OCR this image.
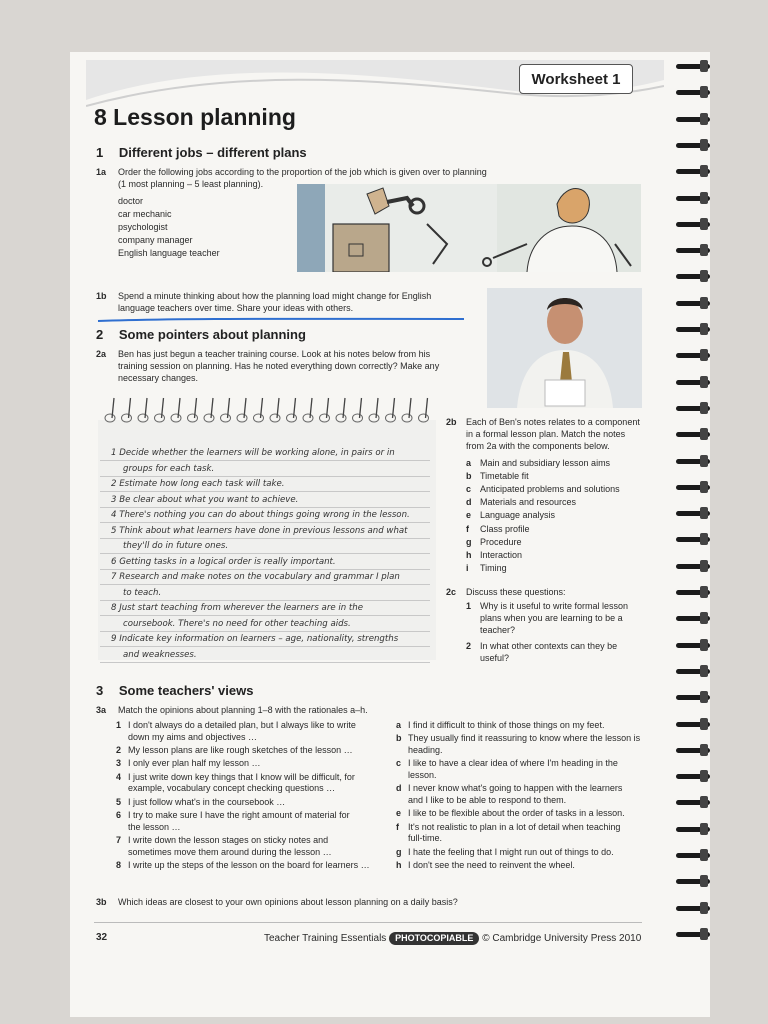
Worksheet 1
8 Lesson planning
1 Different jobs – different plans
1a Order the following jobs according to the proportion of the job which is given over to planning
(1 most planning – 5 least planning).
doctor
car mechanic
psychologist
company manager
English language teacher
1b Spend a minute thinking about how the planning load might change for English
language teachers over time. Share your ideas with others.
2 Some pointers about planning
2a Ben has just begun a teacher training course. Look at his notes below from his
training session on planning. Has he noted everything down correctly? Make any
necessary changes.
1 Decide whether the learners will be working alone, in pairs or in
groups for each task.
2 Estimate how long each task will take.
3 Be clear about what you want to achieve.
4 There's nothing you can do about things going wrong in the lesson.
5 Think about what learners have done in previous lessons and what
they'll do in future ones.
6 Getting tasks in a logical order is really important.
7 Research and make notes on the vocabulary and grammar I plan
to teach.
8 Just start teaching from wherever the learners are in the
coursebook. There's no need for other teaching aids.
9 Indicate key information on learners – age, nationality, strengths
and weaknesses.
2b Each of Ben's notes relates to a component
in a formal lesson plan. Match the notes
from 2a with the components below.
a Main and subsidiary lesson aims
b Timetable fit
c Anticipated problems and solutions
d Materials and resources
e Language analysis
f Class profile
g Procedure
h Interaction
i Timing
2c Discuss these questions:
1 Why is it useful to write formal lesson
plans when you are learning to be a
teacher?
2 In what other contexts can they be
useful?
3 Some teachers' views
3a Match the opinions about planning 1–8 with the rationales a–h.
1 I don't always do a detailed plan, but I always like to write
down my aims and objectives …
2 My lesson plans are like rough sketches of the lesson …
3 I only ever plan half my lesson …
4 I just write down key things that I know will be difficult, for
example, vocabulary concept checking questions …
5 I just follow what's in the coursebook …
6 I try to make sure I have the right amount of material for
the lesson …
7 I write down the lesson stages on sticky notes and
sometimes move them around during the lesson …
8 I write up the steps of the lesson on the board for learners …
a I find it difficult to think of those things on my feet.
b They usually find it reassuring to know where the lesson is
heading.
c I like to have a clear idea of where I'm heading in the
lesson.
d I never know what's going to happen with the learners
and I like to be able to respond to them.
e I like to be flexible about the order of tasks in a lesson.
f It's not realistic to plan in a lot of detail when teaching
full-time.
g I hate the feeling that I might run out of things to do.
h I don't see the need to reinvent the wheel.
3b Which ideas are closest to your own opinions about lesson planning on a daily basis?
32	Teacher Training Essentials PHOTOCOPIABLE © Cambridge University Press 2010
